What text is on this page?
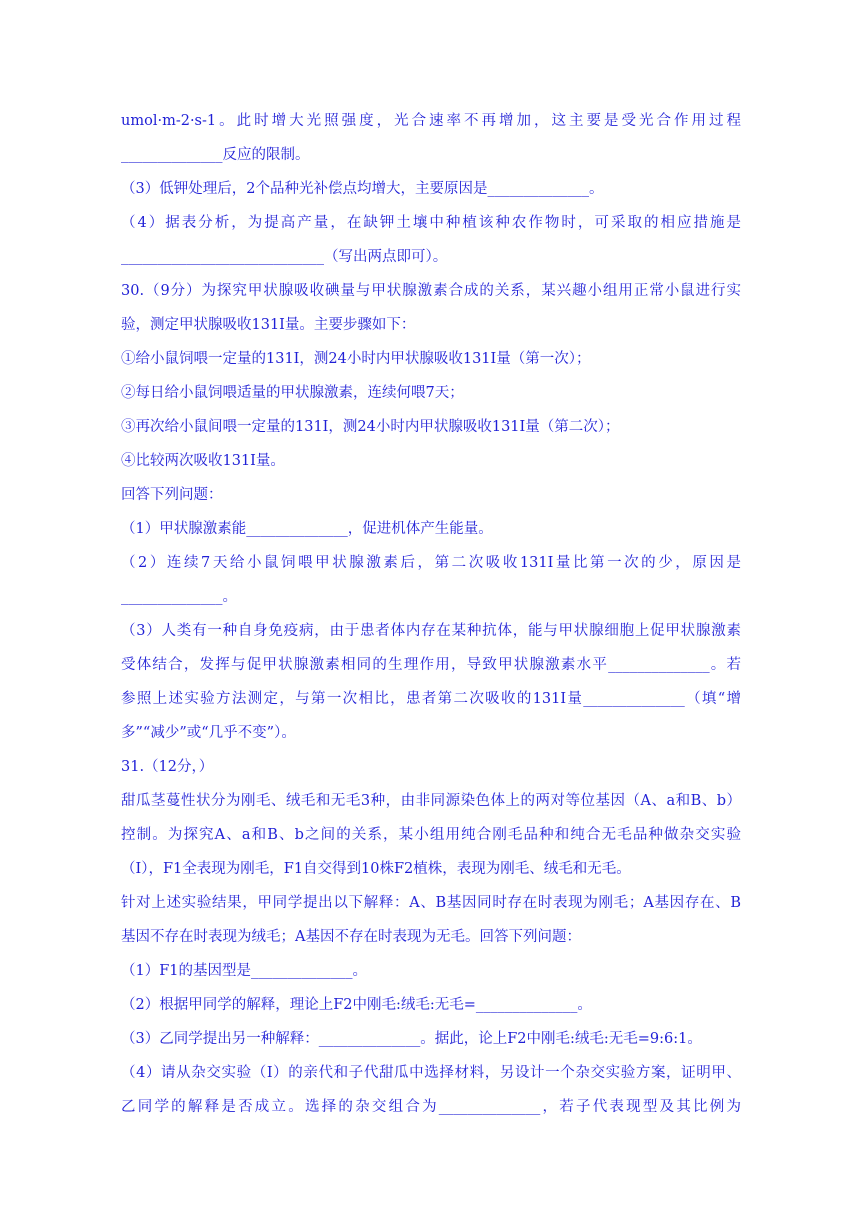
umol·m-2·s-1。此时增大光照强度，光合速率不再增加，这主要是受光合作用过程
______________反应的限制。
（3）低钾处理后，2个品种光补偿点均增大，主要原因是______________。
（4）据表分析，为提高产量，在缺钾土壤中种植该种农作物时，可采取的相应措施是
____________________________（写出两点即可）。
30.（9分）为探究甲状腺吸收碘量与甲状腺激素合成的关系，某兴趣小组用正常小鼠进行实
验，测定甲状腺吸收131I量。主要步骤如下：
①给小鼠饲喂一定量的131I，测24小时内甲状腺吸收131I量（第一次）；
②每日给小鼠饲喂适量的甲状腺激素，连续何喂7天；
③再次给小鼠间喂一定量的131I，测24小时内甲状腺吸收131I量（第二次）；
④比较两次吸收131I量。
回答下列问题：
（1）甲状腺激素能______________，促进机体产生能量。
（2）连续7天给小鼠饲喂甲状腺激素后，第二次吸收131I量比第一次的少，原因是
______________。
（3）人类有一种自身免疫病，由于患者体内存在某种抗体，能与甲状腺细胞上促甲状腺激素
受体结合，发挥与促甲状腺激素相同的生理作用，导致甲状腺激素水平______________。若
参照上述实验方法测定，与第一次相比，患者第二次吸收的131I量______________（填“增
多”“减少”或“几乎不变”）。
31.（12分，）
甜瓜茎蔓性状分为刚毛、绒毛和无毛3种，由非同源染色体上的两对等位基因（A、a和B、b）
控制。为探究A、a和B、b之间的关系，某小组用纯合刚毛品种和纯合无毛品种做杂交实验
（I），F1全表现为刚毛，F1自交得到10株F2植株，表现为刚毛、绒毛和无毛。
针对上述实验结果，甲同学提出以下解释：A、B基因同时存在时表现为刚毛；A基因存在、B
基因不存在时表现为绒毛；A基因不存在时表现为无毛。回答下列问题：
（1）F1的基因型是______________。
（2）根据甲同学的解释，理论上F2中刚毛:绒毛:无毛=______________。
（3）乙同学提出另一种解释：______________。据此，论上F2中刚毛:绒毛:无毛=9:6:1。
（4）请从杂交实验（I）的亲代和子代甜瓜中选择材料，另设计一个杂交实验方案，证明甲、
乙同学的解释是否成立。选择的杂交组合为______________，若子代表现型及其比例为
